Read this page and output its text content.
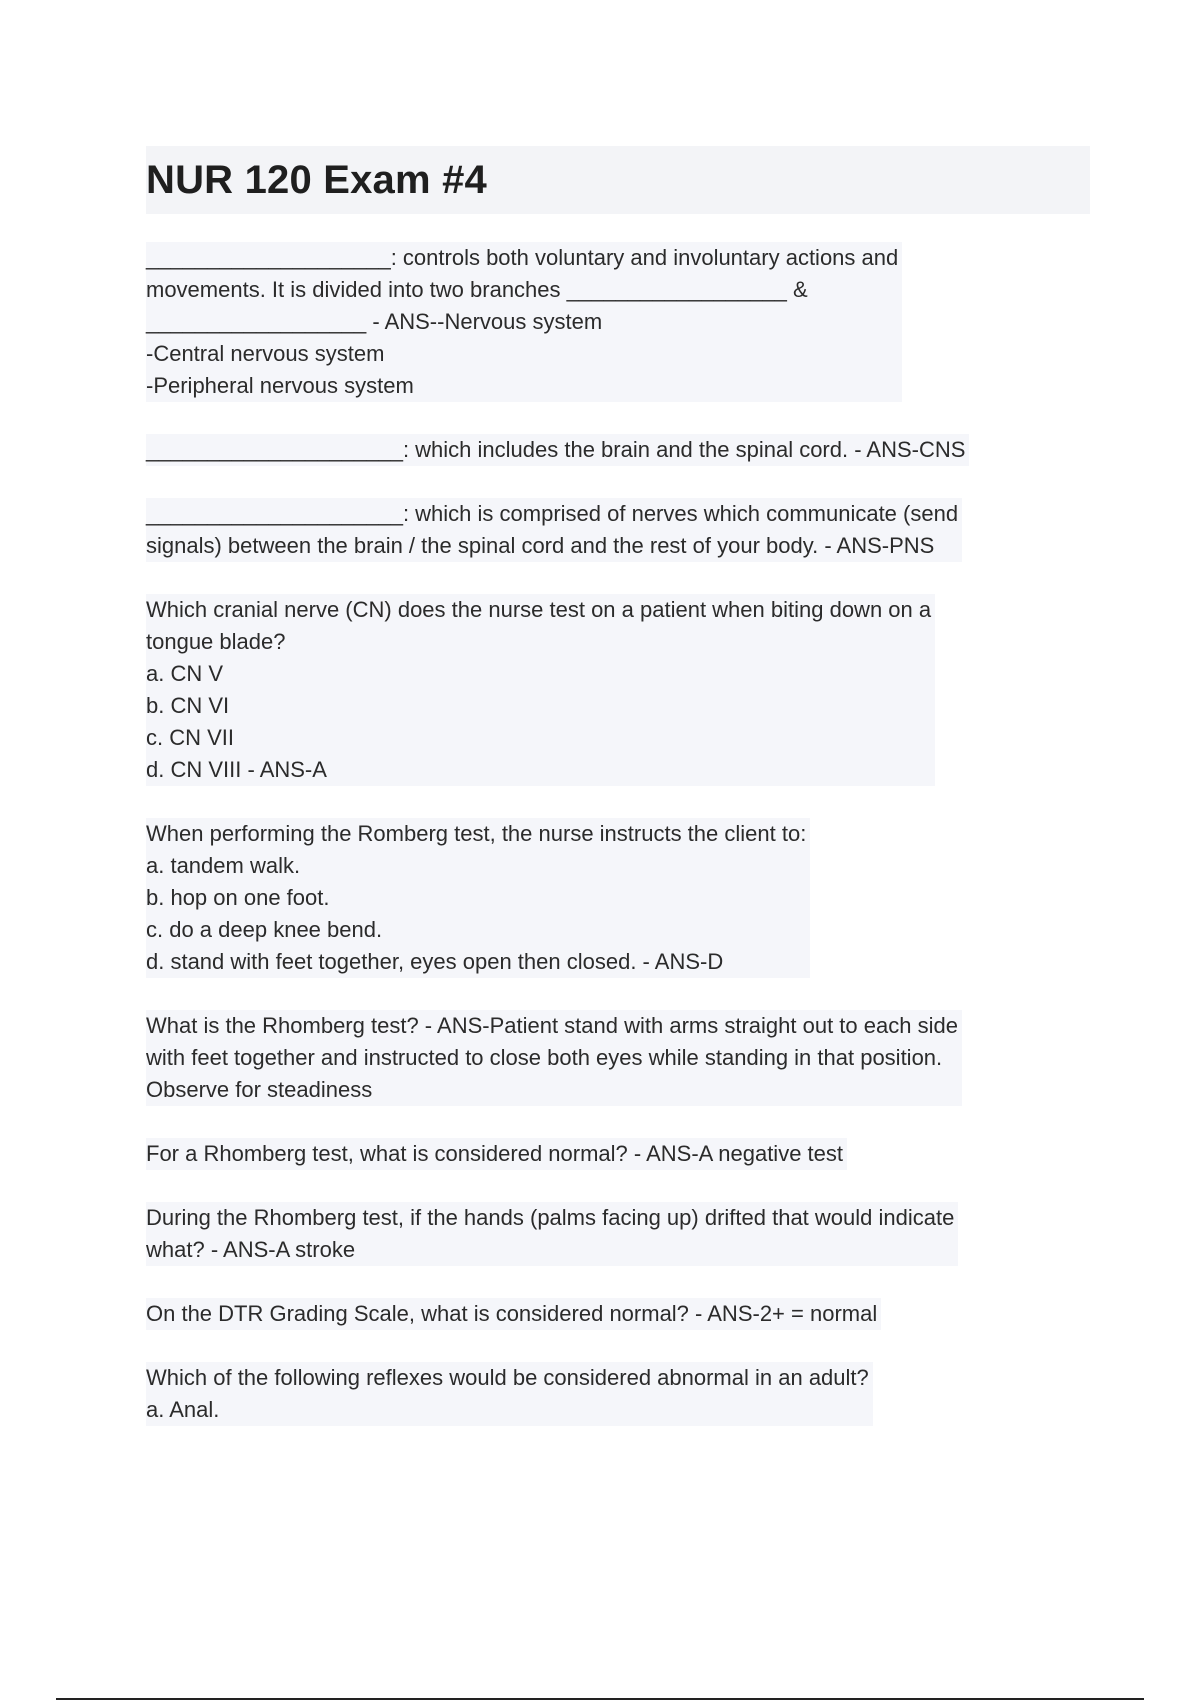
NUR 120 Exam #4
____________________: controls both voluntary and involuntary actions and
movements. It is divided into two branches __________________ &
__________________ - ANS--Nervous system
-Central nervous system
-Peripheral nervous system
_____________________: which includes the brain and the spinal cord. - ANS-CNS
_____________________: which is comprised of nerves which communicate (send
signals) between the brain / the spinal cord and the rest of your body. - ANS-PNS
Which cranial nerve (CN) does the nurse test on a patient when biting down on a
tongue blade?
a. CN V
b. CN VI
c. CN VII
d. CN VIII - ANS-A
When performing the Romberg test, the nurse instructs the client to:
a. tandem walk.
b. hop on one foot.
c. do a deep knee bend.
d. stand with feet together, eyes open then closed. - ANS-D
What is the Rhomberg test? - ANS-Patient stand with arms straight out to each side
with feet together and instructed to close both eyes while standing in that position.
Observe for steadiness
For a Rhomberg test, what is considered normal? - ANS-A negative test
During the Rhomberg test, if the hands (palms facing up) drifted that would indicate
what? - ANS-A stroke
On the DTR Grading Scale, what is considered normal? - ANS-2+ = normal
Which of the following reflexes would be considered abnormal in an adult?
a. Anal.
